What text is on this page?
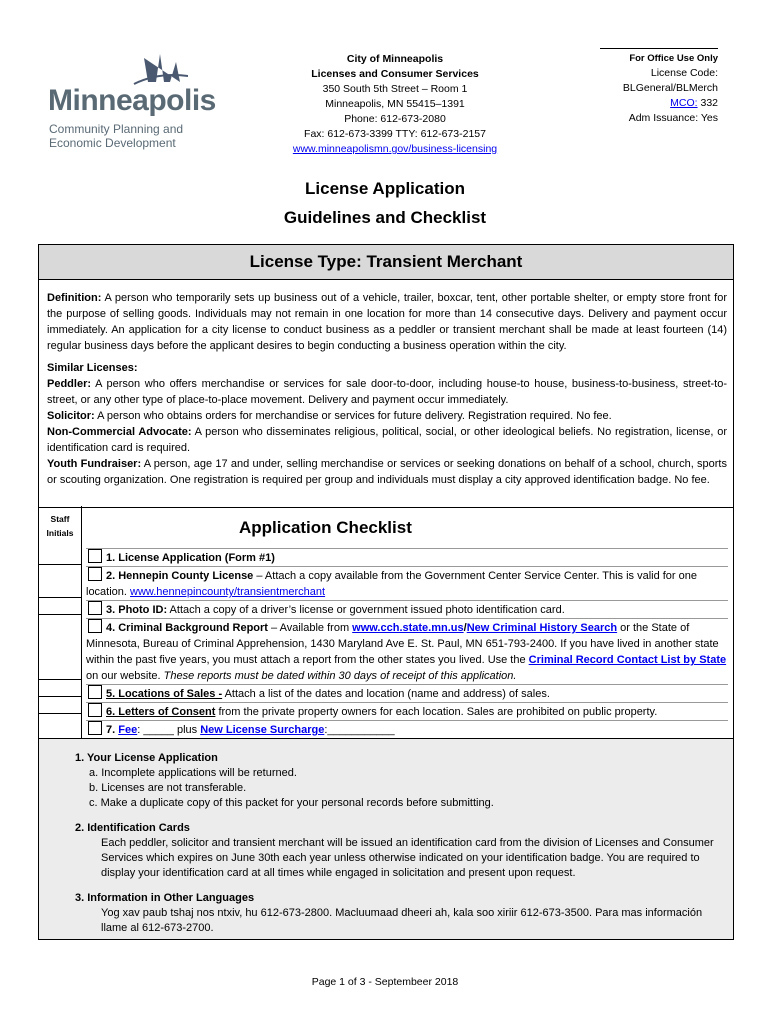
Minneapolis
Community Planning and
Economic Development
City of Minneapolis
Licenses and Consumer Services
350 South 5th Street – Room 1
Minneapolis, MN 55415–1391
Phone: 612-673-2080
Fax: 612-673-3399 TTY: 612-673-2157
www.minneapolismn.gov/business-licensing
For Office Use Only
License Code:
BLGeneral/BLMerch
MCO: 332
Adm Issuance: Yes
License Application
Guidelines and Checklist
License Type: Transient Merchant

Definition: A person who temporarily sets up business out of a vehicle, trailer, boxcar, tent, other portable shelter, or empty store front for the purpose of selling goods. Individuals may not remain in one location for more than 14 consecutive days. Delivery and payment occur immediately. An application for a city license to conduct business as a peddler or transient merchant shall be made at least fourteen (14) regular business days before the applicant desires to begin conducting a business operation within the city.

Similar Licenses:
Peddler: A person who offers merchandise or services for sale door-to-door, including house-to house, business-to-business, street-to-street, or any other type of place-to-place movement. Delivery and payment occur immediately.
Solicitor: A person who obtains orders for merchandise or services for future delivery. Registration required. No fee.
Non-Commercial Advocate: A person who disseminates religious, political, social, or other ideological beliefs. No registration, license, or identification card is required.
Youth Fundraiser: A person, age 17 and under, selling merchandise or services or seeking donations on behalf of a school, church, sports or scouting organization. One registration is required per group and individuals must display a city approved identification badge. No fee.
Staff Initials	Application Checklist
1. License Application (Form #1)
2. Hennepin County License – Attach a copy available from the Government Center Service Center. This is valid for one location. www.hennepincounty/transientmerchant
3. Photo ID: Attach a copy of a driver’s license or government issued photo identification card.
4. Criminal Background Report – Available from www.cch.state.mn.us/New Criminal History Search or the State of Minnesota, Bureau of Criminal Apprehension, 1430 Maryland Ave E. St. Paul, MN 651-793-2400. If you have lived in another state within the past five years, you must attach a report from the other states you lived. Use the Criminal Record Contact List by State on our website. These reports must be dated within 30 days of receipt of this application.
5. Locations of Sales - Attach a list of the dates and location (name and address) of sales.
6. Letters of Consent from the private property owners for each location. Sales are prohibited on public property.
7. Fee: _____ plus New License Surcharge:___________
1. Your License Application
a. Incomplete applications will be returned.
b. Licenses are not transferable.
c. Make a duplicate copy of this packet for your personal records before submitting.
2. Identification Cards
Each peddler, solicitor and transient merchant will be issued an identification card from the division of Licenses and Consumer Services which expires on June 30th each year unless otherwise indicated on your identification badge. You are required to display your identification card at all times while engaged in solicitation and present upon request.
3. Information in Other Languages
Yog xav paub tshaj nos ntxiv, hu 612-673-2800. Macluumaad dheeri ah, kala soo xiriir 612-673-3500. Para mas información llame al 612-673-2700.
Page 1 of 3 - Septembeer 2018
